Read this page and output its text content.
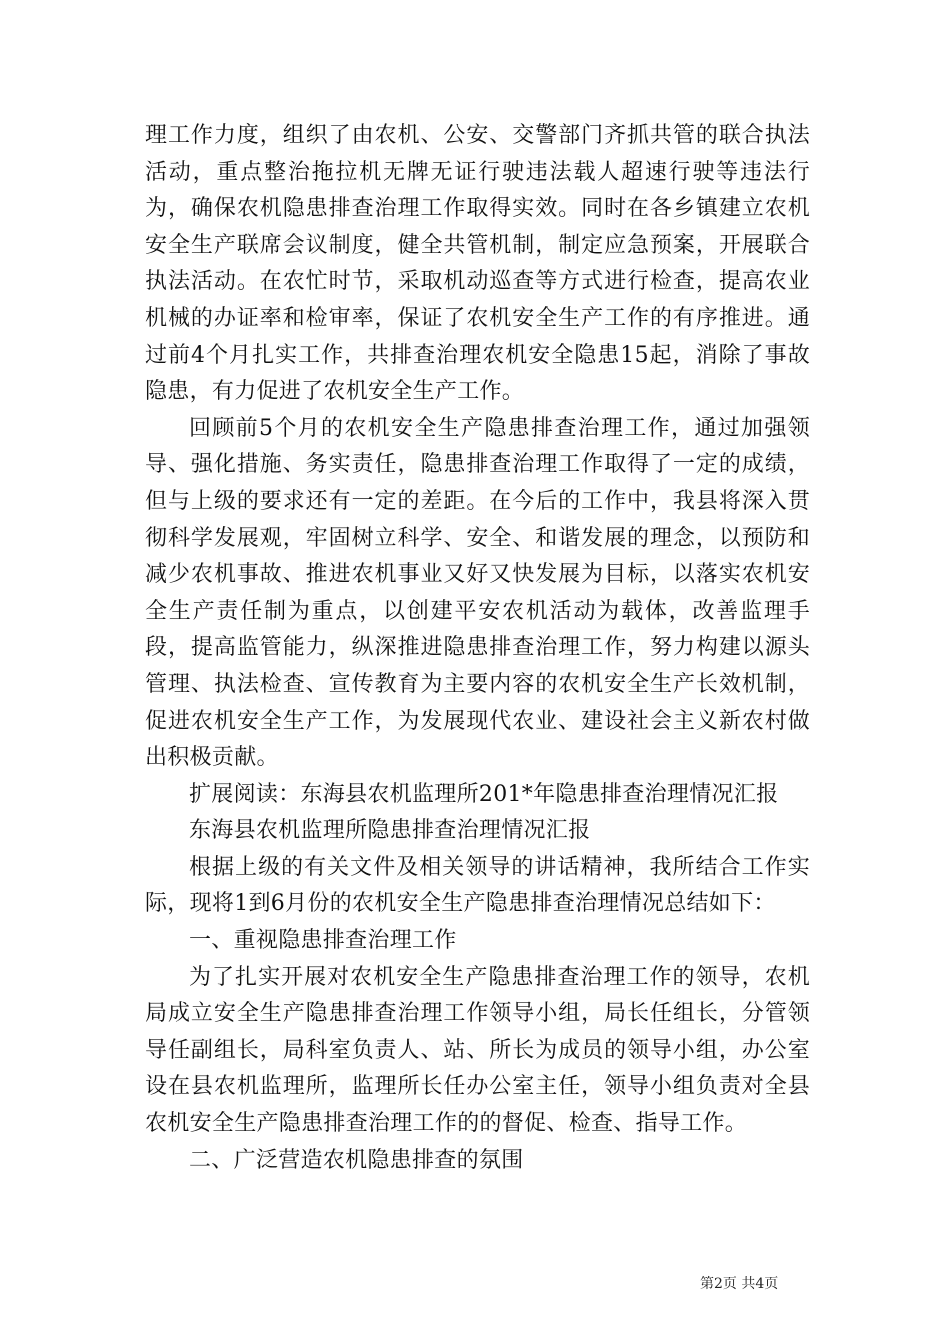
理工作力度，组织了由农机、公安、交警部门齐抓共管的联合执法活动，重点整治拖拉机无牌无证行驶违法载人超速行驶等违法行为，确保农机隐患排查治理工作取得实效。同时在各乡镇建立农机安全生产联席会议制度，健全共管机制，制定应急预案，开展联合执法活动。在农忙时节，采取机动巡查等方式进行检查，提高农业机械的办证率和检审率，保证了农机安全生产工作的有序推进。通过前4个月扎实工作，共排查治理农机安全隐患15起，消除了事故隐患，有力促进了农机安全生产工作。

回顾前5个月的农机安全生产隐患排查治理工作，通过加强领导、强化措施、务实责任，隐患排查治理工作取得了一定的成绩，但与上级的要求还有一定的差距。在今后的工作中，我县将深入贯彻科学发展观，牢固树立科学、安全、和谐发展的理念，以预防和减少农机事故、推进农机事业又好又快发展为目标，以落实农机安全生产责任制为重点，以创建平安农机活动为载体，改善监理手段，提高监管能力，纵深推进隐患排查治理工作，努力构建以源头管理、执法检查、宣传教育为主要内容的农机安全生产长效机制，促进农机安全生产工作，为发展现代农业、建设社会主义新农村做出积极贡献。

扩展阅读：东海县农机监理所201*年隐患排查治理情况汇报

东海县农机监理所隐患排查治理情况汇报

根据上级的有关文件及相关领导的讲话精神，我所结合工作实际，现将1到6月份的农机安全生产隐患排查治理情况总结如下：

一、重视隐患排查治理工作

为了扎实开展对农机安全生产隐患排查治理工作的领导，农机局成立安全生产隐患排查治理工作领导小组，局长任组长，分管领导任副组长，局科室负责人、站、所长为成员的领导小组，办公室设在县农机监理所，监理所长任办公室主任，领导小组负责对全县农机安全生产隐患排查治理工作的的督促、检查、指导工作。

二、广泛营造农机隐患排查的氛围

第2页 共4页
